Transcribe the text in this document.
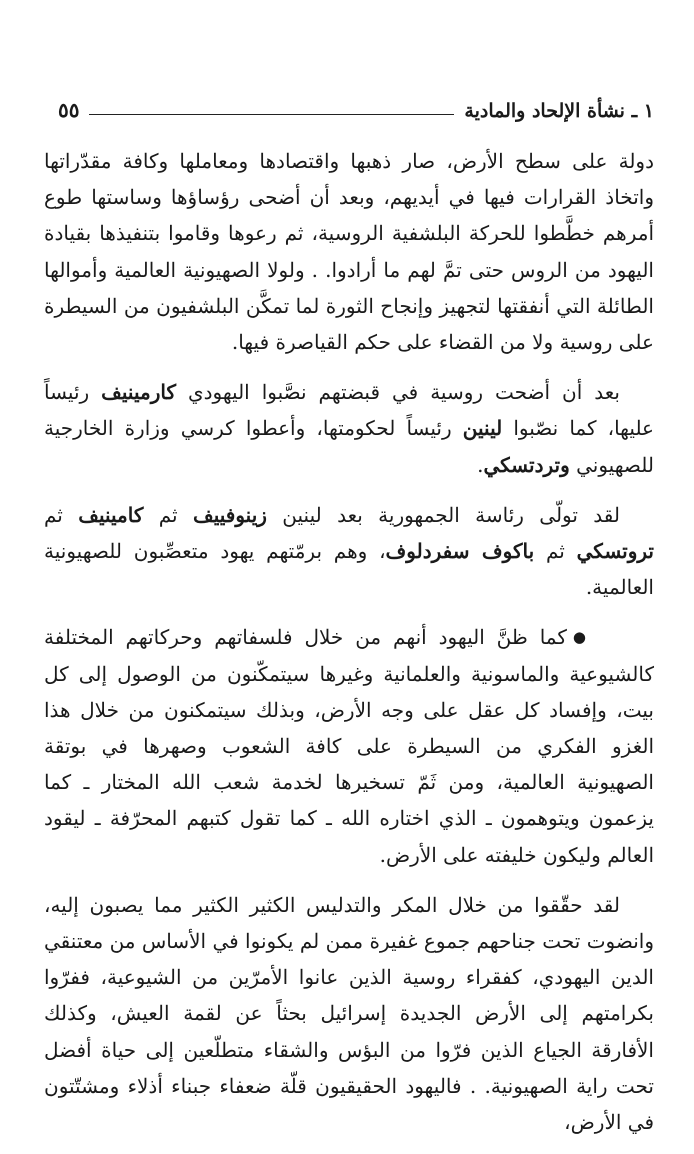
١ ـ نشأة الإلحاد والمادية
٥٥

دولة على سطح الأرض، صار ذهبها واقتصادها ومعاملها وكافة مقدّراتها واتخاذ القرارات فيها في أيديهم، وبعد أن أضحى رؤساؤها وساستها طوع أمرهم خطَّطوا للحركة البلشفية الروسية، ثم رعوها وقاموا بتنفيذها بقيادة اليهود من الروس حتى تمَّ لهم ما أرادوا. . ولولا الصهيونية العالمية وأموالها الطائلة التي أنفقتها لتجهيز وإنجاح الثورة لما تمكَّن البلشفيون من السيطرة على روسية ولا من القضاء على حكم القياصرة فيها.

بعد أن أضحت روسية في قبضتهم نصَّبوا اليهودي كارمينيف رئيساً عليها، كما نصّبوا لينين رئيساً لحكومتها، وأعطوا كرسي وزارة الخارجية للصهيوني وتردتسكي.

لقد تولّى رئاسة الجمهورية بعد لينين زينوفييف ثم كامينيف ثم تروتسكي ثم باكوف سفردلوف، وهم برمّتهم يهود متعصِّبون للصهيونية العالمية.

●كما ظنَّ اليهود أنهم من خلال فلسفاتهم وحركاتهم المختلفة كالشيوعية والماسونية والعلمانية وغيرها سيتمكّنون من الوصول إلى كل بيت، وإفساد كل عقل على وجه الأرض، وبذلك سيتمكنون من خلال هذا الغزو الفكري من السيطرة على كافة الشعوب وصهرها في بوتقة الصهيونية العالمية، ومن ثَمّ تسخيرها لخدمة شعب الله المختار ـ كما يزعمون ويتوهمون ـ الذي اختاره الله ـ كما تقول كتبهم المحرّفة ـ ليقود العالم وليكون خليفته على الأرض.

لقد حقّقوا من خلال المكر والتدليس الكثير الكثير مما يصبون إليه، وانضوت تحت جناحهم جموع غفيرة ممن لم يكونوا في الأساس من معتنقي الدين اليهودي، كفقراء روسية الذين عانوا الأمرّين من الشيوعية، ففرّوا بكرامتهم إلى الأرض الجديدة إسرائيل بحثاً عن لقمة العيش، وكذلك الأفارقة الجياع الذين فرّوا من البؤس والشقاء متطلّعين إلى حياة أفضل تحت راية الصهيونية. . فاليهود الحقيقيون قلّة ضعفاء جبناء أذلاء ومشتّتون في الأرض،
